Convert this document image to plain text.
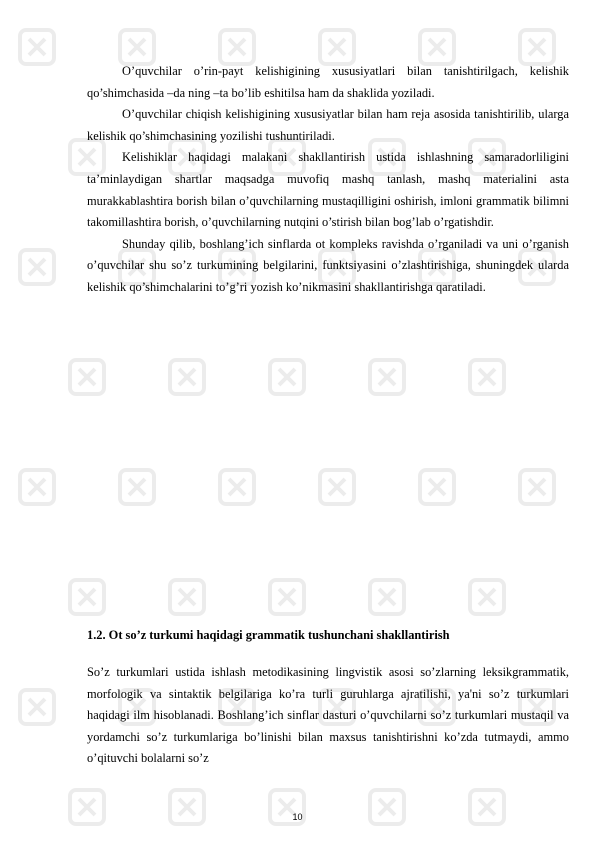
O’quvchilar o’rin-payt kelishigining xususiyatlari bilan tanishtirilgach, kelishik qo’shimchasida –da ning –ta bo’lib eshitilsa ham da shaklida yoziladi.

O’quvchilar chiqish kelishigining xususiyatlar bilan ham reja asosida tanishtirilib, ularga kelishik qo’shimchasining yozilishi tushuntiriladi.

Kelishiklar haqidagi malakani shakllantirish ustida ishlashning samaradorliligini ta’minlaydigan shartlar maqsadga muvofiq mashq tanlash, mashq materialini asta murakkablashtira borish bilan o’quvchilarning mustaqilligini oshirish, imloni grammatik bilimni takomillashtira borish, o’quvchilarning nutqini o’stirish bilan bog’lab o’rgatishdir.

Shunday qilib, boshlang’ich sinflarda ot kompleks ravishda o’rganiladi va uni o’rganish o’quvchilar shu so’z turkumining belgilarini, funktsiyasini o’zlashtirishiga, shuningdek ularda kelishik qo’shimchalarini to’g’ri yozish ko’nikmasini shakllantirishga qaratiladi.

1.2. Ot so’z turkumi haqidagi grammatik tushunchani shakllantirish

So’z turkumlari ustida ishlash metodikasining lingvistik asosi so’zlarning leksikgrammatik, morfologik va sintaktik belgilariga ko’ra turli guruhlarga ajratilishi, ya'ni so’z turkumlari haqidagi ilm hisoblanadi. Boshlang’ich sinflar dasturi o’quvchilarni so’z turkumlari mustaqil va yordamchi so’z turkumlariga bo’linishi bilan maxsus tanishtirishni ko’zda tutmaydi, ammo o’qituvchi bolalarni so’z

10
